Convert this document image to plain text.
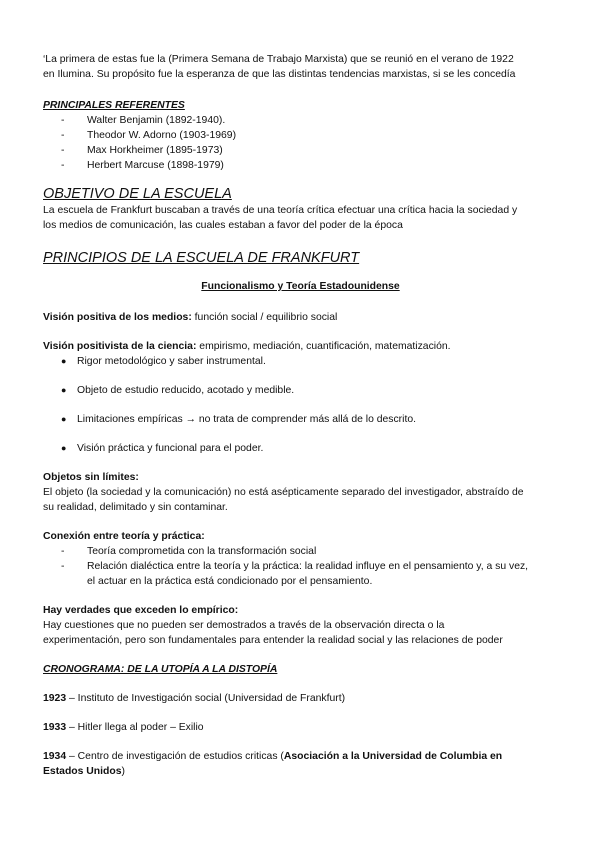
‘La primera de estas fue la (Primera Semana de Trabajo Marxista) que se reunió en el verano de 1922

en Ilumina. Su propósito fue la esperanza de que las distintas tendencias marxistas, si se les concedía

PRINCIPALES REFERENTES

- Walter Benjamin (1892-1940).
- Theodor W. Adorno (1903-1969)
- Max Horkheimer (1895-1973)
- Herbert Marcuse (1898-1979)
OBJETIVO DE LA ESCUELA

La escuela de Frankfurt buscaban a través de una teoría crítica efectuar una crítica hacia la sociedad y

los medios de comunicación, las cuales estaban a favor del poder de la época

PRINCIPIOS DE LA ESCUELA DE FRANKFURT

Funcionalismo y Teoría Estadounidense

Visión positiva de los medios: función social / equilibrio social

Visión positivista de la ciencia: empirismo, mediación, cuantificación, matematización.

● Rigor metodológico y saber instrumental.
● Objeto de estudio reducido, acotado y medible.
● Limitaciones empíricas → no trata de comprender más allá de lo descrito.
● Visión práctica y funcional para el poder.

Objetos sin límites:

El objeto (la sociedad y la comunicación) no está asépticamente separado del investigador, abstraído de

su realidad, delimitado y sin contaminar.

Conexión entre teoría y práctica:

- Teoría comprometida con la transformación social
- Relación dialéctica entre la teoría y la práctica: la realidad influye en el pensamiento y, a su vez,
el actuar en la práctica está condicionado por el pensamiento.

Hay verdades que exceden lo empírico:

Hay cuestiones que no pueden ser demostrados a través de la observación directa o la

experimentación, pero son fundamentales para entender la realidad social y las relaciones de poder

CRONOGRAMA: DE LA UTOPÍA A LA DISTOPÍA

1923 – Instituto de Investigación social (Universidad de Frankfurt)

1933 – Hitler llega al poder – Exilio

1934 – Centro de investigación de estudios criticas (Asociación a la Universidad de Columbia en

Estados Unidos)
